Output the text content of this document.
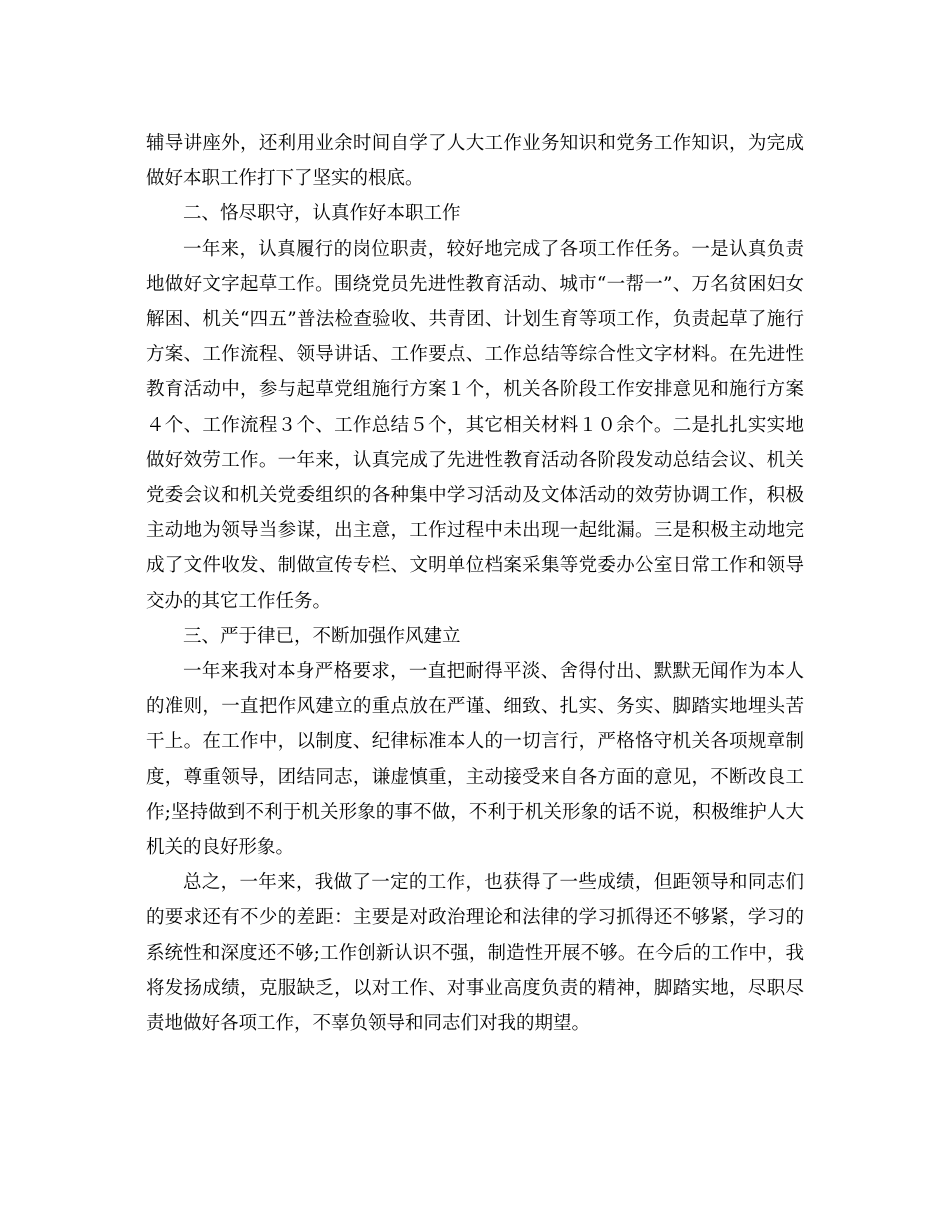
辅导讲座外，还利用业余时间自学了人大工作业务知识和党务工作知识，为完成做好本职工作打下了坚实的根底。

二、恪尽职守，认真作好本职工作

一年来，认真履行的岗位职责，较好地完成了各项工作任务。一是认真负责地做好文字起草工作。围绕党员先进性教育活动、城市“一帮一”、万名贫困妇女解困、机关“四五”普法检查验收、共青团、计划生育等项工作，负责起草了施行方案、工作流程、领导讲话、工作要点、工作总结等综合性文字材料。在先进性教育活动中，参与起草党组施行方案１个，机关各阶段工作安排意见和施行方案４个、工作流程３个、工作总结５个，其它相关材料１０余个。二是扎扎实实地做好效劳工作。一年来，认真完成了先进性教育活动各阶段发动总结会议、机关党委会议和机关党委组织的各种集中学习活动及文体活动的效劳协调工作，积极主动地为领导当参谋，出主意，工作过程中未出现一起纰漏。三是积极主动地完成了文件收发、制做宣传专栏、文明单位档案采集等党委办公室日常工作和领导交办的其它工作任务。

三、严于律已，不断加强作风建立

一年来我对本身严格要求，一直把耐得平淡、舍得付出、默默无闻作为本人的准则，一直把作风建立的重点放在严谨、细致、扎实、务实、脚踏实地埋头苦干上。在工作中，以制度、纪律标准本人的一切言行，严格恪守机关各项规章制度，尊重领导，团结同志，谦虚慎重，主动接受来自各方面的意见，不断改良工作;坚持做到不利于机关形象的事不做，不利于机关形象的话不说，积极维护人大机关的良好形象。

总之，一年来，我做了一定的工作，也获得了一些成绩，但距领导和同志们的要求还有不少的差距：主要是对政治理论和法律的学习抓得还不够紧，学习的系统性和深度还不够;工作创新认识不强，制造性开展不够。在今后的工作中，我将发扬成绩，克服缺乏，以对工作、对事业高度负责的精神，脚踏实地，尽职尽责地做好各项工作，不辜负领导和同志们对我的期望。
